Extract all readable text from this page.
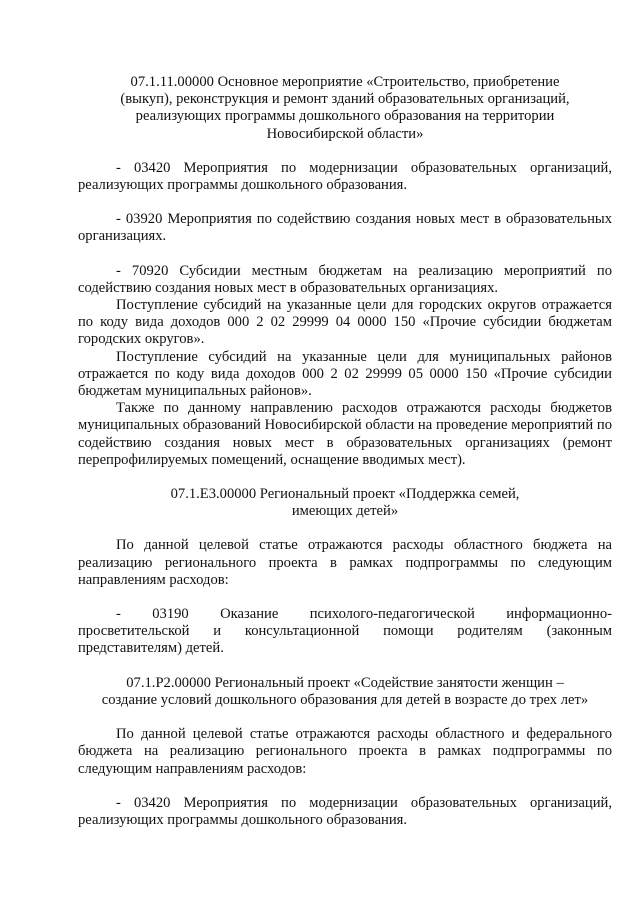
07.1.11.00000 Основное мероприятие «Строительство, приобретение

(выкуп), реконструкция и ремонт зданий образовательных организаций,

реализующих программы дошкольного образования на территории

Новосибирской области»

- 03420 Мероприятия по модернизации образовательных организаций, реализующих программы дошкольного образования.

- 03920 Мероприятия по содействию создания новых мест в образовательных организациях.

- 70920 Субсидии местным бюджетам на реализацию мероприятий по содействию создания новых мест в образовательных организациях.

Поступление субсидий на указанные цели для городских округов отражается по коду вида доходов 000 2 02 29999 04 0000 150 «Прочие субсидии бюджетам городских округов».

Поступление субсидий на указанные цели для муниципальных районов отражается по коду вида доходов 000 2 02 29999 05 0000 150 «Прочие субсидии бюджетам муниципальных районов».

Также по данному направлению расходов отражаются расходы бюджетов муниципальных образований Новосибирской области на проведение мероприятий по содействию создания новых мест в образовательных организациях (ремонт перепрофилируемых помещений, оснащение вводимых мест).

07.1.Е3.00000 Региональный проект «Поддержка семей,

имеющих детей»

По данной целевой статье отражаются расходы областного бюджета на реализацию регионального проекта в рамках подпрограммы по следующим направлениям расходов:

- 03190 Оказание психолого-педагогической информационно-просветительской и консультационной помощи родителям (законным представителям) детей.

07.1.Р2.00000 Региональный проект «Содействие занятости женщин –

создание условий дошкольного образования для детей в возрасте до трех лет»

По данной целевой статье отражаются расходы областного и федерального бюджета на реализацию регионального проекта в рамках подпрограммы по следующим направлениям расходов:

- 03420 Мероприятия по модернизации образовательных организаций, реализующих программы дошкольного образования.
